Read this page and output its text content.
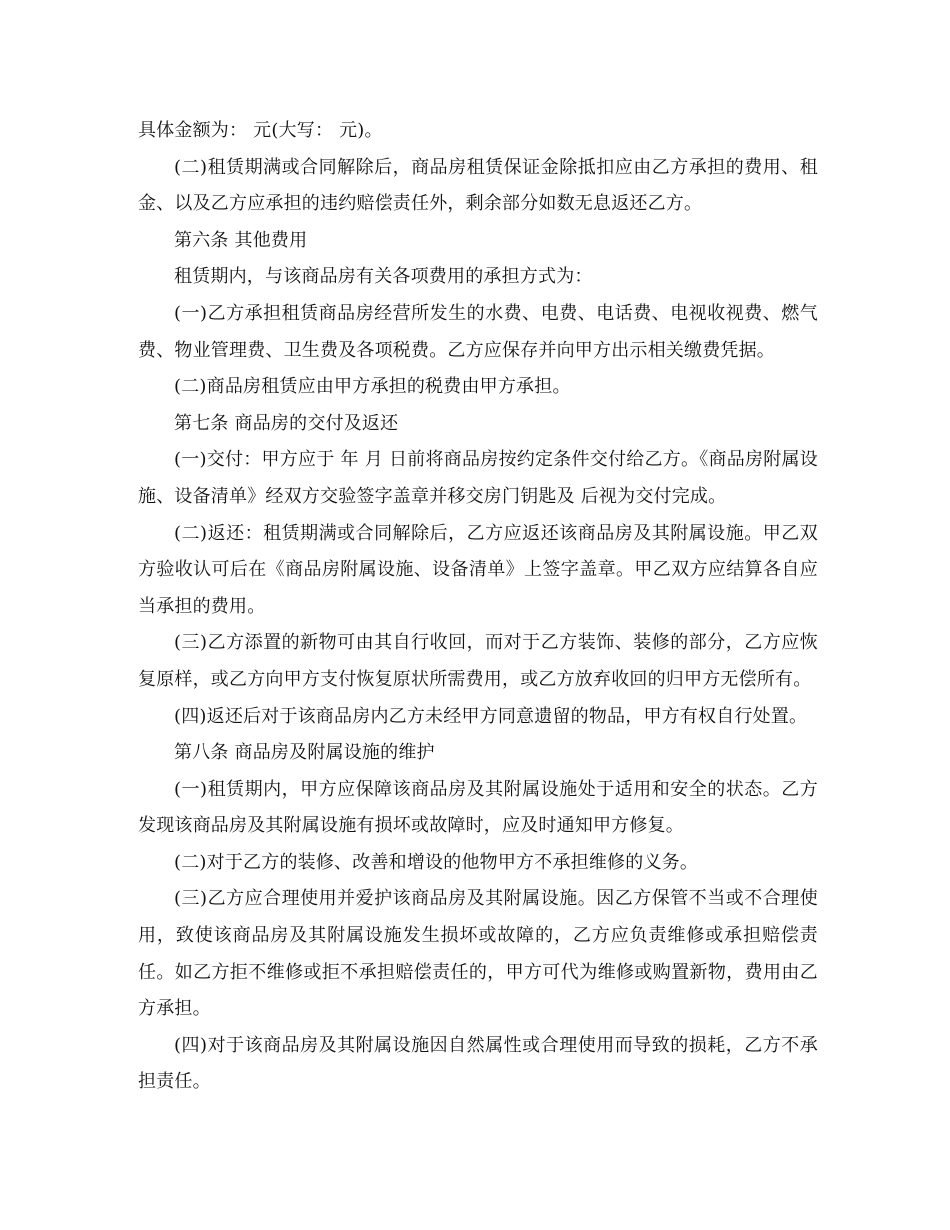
具体金额为： 元(大写： 元)。

(二)租赁期满或合同解除后，商品房租赁保证金除抵扣应由乙方承担的费用、租金、以及乙方应承担的违约赔偿责任外，剩余部分如数无息返还乙方。

第六条 其他费用

租赁期内，与该商品房有关各项费用的承担方式为：

(一)乙方承担租赁商品房经营所发生的水费、电费、电话费、电视收视费、燃气费、物业管理费、卫生费及各项税费。乙方应保存并向甲方出示相关缴费凭据。

(二)商品房租赁应由甲方承担的税费由甲方承担。

第七条 商品房的交付及返还

(一)交付：甲方应于 年 月 日前将商品房按约定条件交付给乙方。《商品房附属设施、设备清单》经双方交验签字盖章并移交房门钥匙及 后视为交付完成。

(二)返还：租赁期满或合同解除后，乙方应返还该商品房及其附属设施。甲乙双方验收认可后在《商品房附属设施、设备清单》上签字盖章。甲乙双方应结算各自应当承担的费用。

(三)乙方添置的新物可由其自行收回，而对于乙方装饰、装修的部分，乙方应恢复原样，或乙方向甲方支付恢复原状所需费用，或乙方放弃收回的归甲方无偿所有。

(四)返还后对于该商品房内乙方未经甲方同意遗留的物品，甲方有权自行处置。

第八条 商品房及附属设施的维护

(一)租赁期内，甲方应保障该商品房及其附属设施处于适用和安全的状态。乙方发现该商品房及其附属设施有损坏或故障时，应及时通知甲方修复。

(二)对于乙方的装修、改善和增设的他物甲方不承担维修的义务。

(三)乙方应合理使用并爱护该商品房及其附属设施。因乙方保管不当或不合理使用，致使该商品房及其附属设施发生损坏或故障的，乙方应负责维修或承担赔偿责任。如乙方拒不维修或拒不承担赔偿责任的，甲方可代为维修或购置新物，费用由乙方承担。

(四)对于该商品房及其附属设施因自然属性或合理使用而导致的损耗，乙方不承担责任。
